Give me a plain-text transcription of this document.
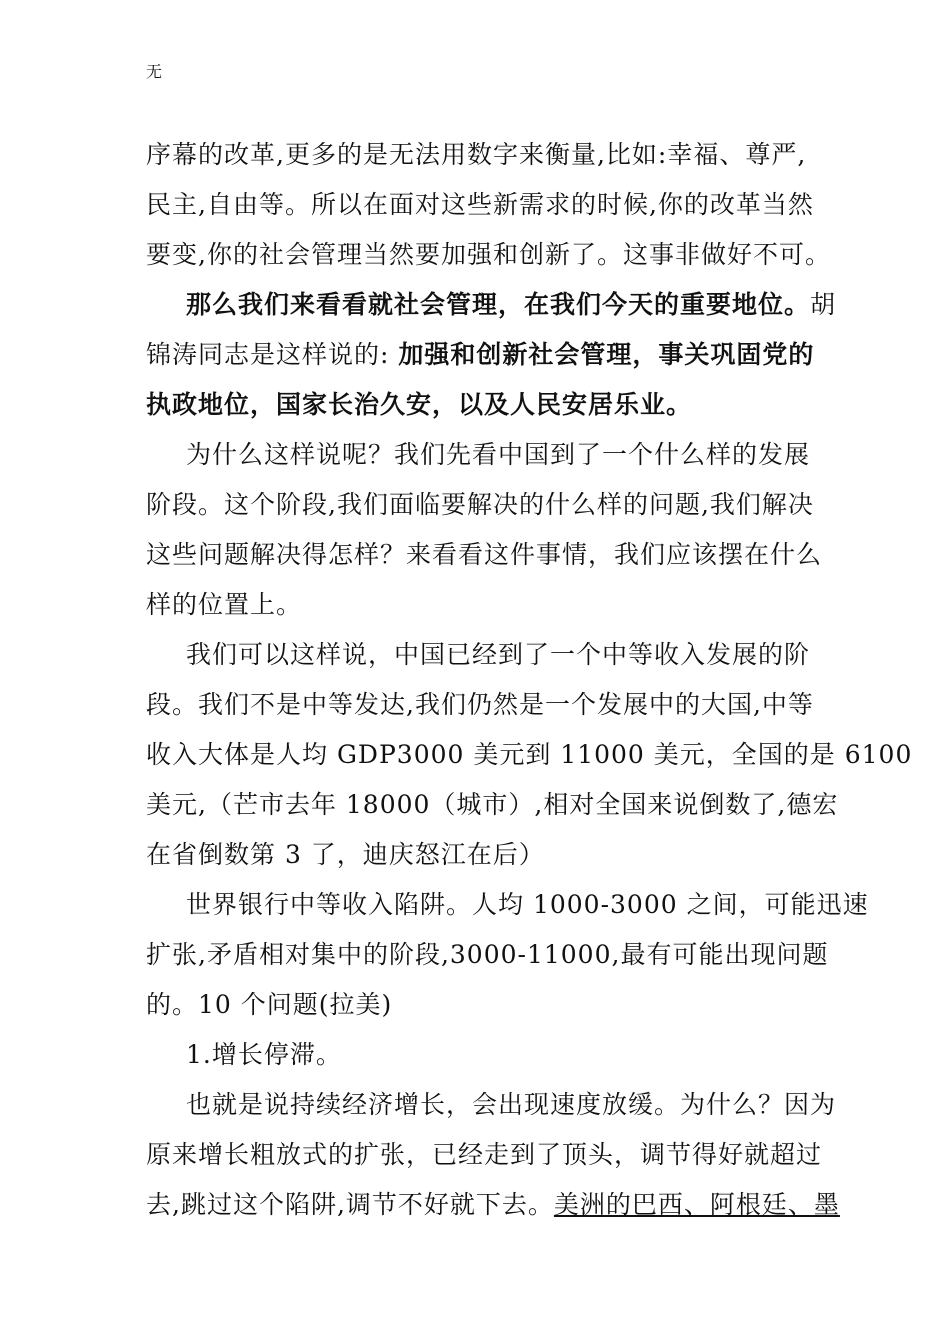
无
序幕的改革,更多的是无法用数字来衡量,比如:幸福、尊严,
民主,自由等。所以在面对这些新需求的时候,你的改革当然
要变,你的社会管理当然要加强和创新了。这事非做好不可。
那么我们来看看就社会管理，在我们今天的重要地位。胡
锦涛同志是这样说的: 加强和创新社会管理，事关巩固党的
执政地位，国家长治久安，以及人民安居乐业。
为什么这样说呢？我们先看中国到了一个什么样的发展
阶段。这个阶段,我们面临要解决的什么样的问题,我们解决
这些问题解决得怎样？来看看这件事情，我们应该摆在什么
样的位置上。
我们可以这样说，中国已经到了一个中等收入发展的阶
段。我们不是中等发达,我们仍然是一个发展中的大国,中等
收入大体是人均 GDP3000 美元到 11000 美元，全国的是 6100
美元,（芒市去年 18000（城市）,相对全国来说倒数了,德宏
在省倒数第 3 了，迪庆怒江在后）
世界银行中等收入陷阱。人均 1000-3000 之间，可能迅速
扩张,矛盾相对集中的阶段,3000-11000,最有可能出现问题
的。10 个问题(拉美)
1.增长停滞。
也就是说持续经济增长，会出现速度放缓。为什么？因为
原来增长粗放式的扩张，已经走到了顶头，调节得好就超过
去,跳过这个陷阱,调节不好就下去。美洲的巴西、阿根廷、墨
